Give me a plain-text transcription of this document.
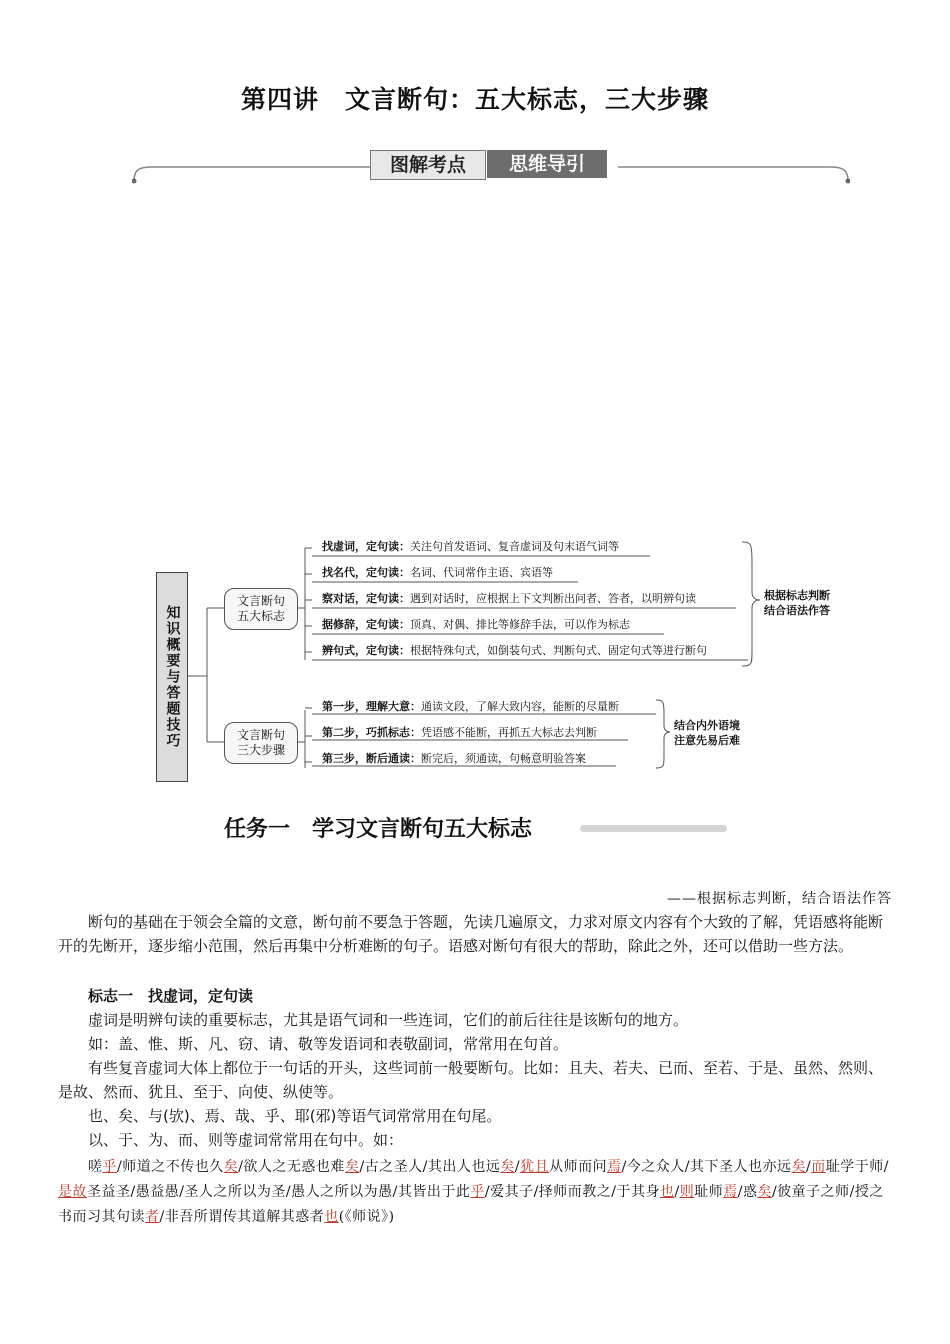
第四讲　文言断句：五大标志，三大步骤
图解考点	思维导引
知识概要与答题技巧
文言断句
五大标志
文言断句
三大步骤
找虚词，定句读：关注句首发语词、复音虚词及句末语气词等
找名代，定句读：名词、代词常作主语、宾语等
察对话，定句读：遇到对话时，应根据上下文判断出问者、答者，以明辨句读
据修辞，定句读：顶真、对偶、排比等修辞手法，可以作为标志
辨句式，定句读：根据特殊句式，如倒装句式、判断句式、固定句式等进行断句
根据标志判断
结合语法作答
第一步，理解大意：通读文段，了解大致内容，能断的尽量断
第二步，巧抓标志：凭语感不能断，再抓五大标志去判断
第三步，断后通读：断完后，须通读，句畅意明验答案
结合内外语境
注意先易后难
任务一　学习文言断句五大标志
——根据标志判断，结合语法作答
断句的基础在于领会全篇的文意，断句前不要急于答题，先读几遍原文，力求对原文内容有个大致的了解，凭语感将能断开的先断开，逐步缩小范围，然后再集中分析难断的句子。语感对断句有很大的帮助，除此之外，还可以借助一些方法。
标志一　找虚词，定句读
虚词是明辨句读的重要标志，尤其是语气词和一些连词，它们的前后往往是该断句的地方。
如：盖、惟、斯、凡、窃、请、敬等发语词和表敬副词，常常用在句首。
有些复音虚词大体上都位于一句话的开头，这些词前一般要断句。比如：且夫、若夫、已而、至若、于是、虽然、然则、是故、然而、犹且、至于、向使、纵使等。
也、矣、与(欤)、焉、哉、乎、耶(邪)等语气词常常用在句尾。
以、于、为、而、则等虚词常常用在句中。如：
嗟乎/师道之不传也久矣/欲人之无惑也难矣/古之圣人/其出人也远矣/犹且从师而问焉/今之众人/其下圣人也亦远矣/而耻学于师/是故圣益圣/愚益愚/圣人之所以为圣/愚人之所以为愚/其皆出于此乎/爱其子/择师而教之/于其身也/则耻师焉/惑矣/彼童子之师/授之书而习其句读者/非吾所谓传其道解其惑者也(《师说》)
